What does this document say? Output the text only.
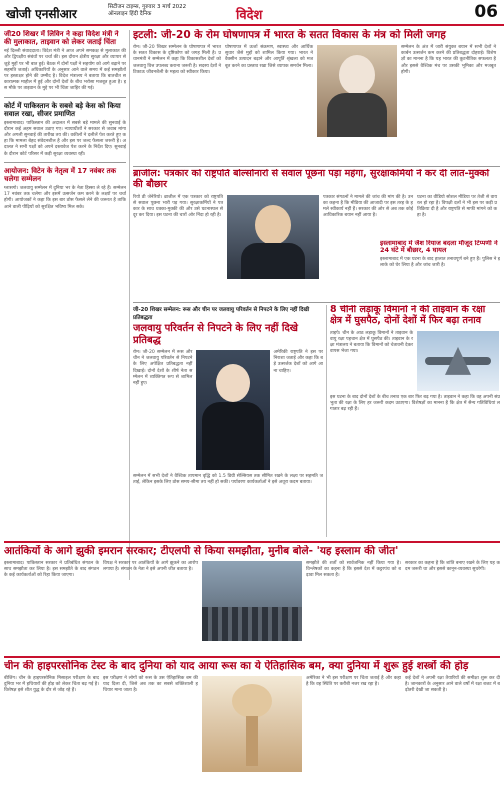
खोजी एनसीआर	सिटीजन टाइम्स, गुरुवार 3 मार्च 2022
ऑनलाइन हिंदी दैनिक	विदेश	06
जी20 शिखर में लिविन ने कहा विदेश मंत्री ने की मुलाकात, ताइवान को लेकर जताई चिंता
नई दिल्ली संवाददाता। विदेश मंत्री ने आज अपने समकक्ष से मुलाकात की और द्विपक्षीय संबंधों पर चर्चा की। इस दौरान क्षेत्रीय सुरक्षा और व्यापार से जुड़े मुद्दों पर भी बात हुई। बैठक में दोनों पक्षों ने सहयोग को आगे बढ़ाने पर सहमति जताई। अधिकारियों के अनुसार आने वाले समय में कई समझौतों पर हस्ताक्षर होने की उम्मीद है। विदेश मंत्रालय ने बताया कि बातचीत सकारात्मक माहौल में हुई और दोनों देशों के बीच भरोसा मजबूत हुआ है। इस मौके पर ताइवान के मुद्दे पर भी चिंता जाहिर की गई।
कोर्ट में पाकिस्तान के सबसे बड़े केस को किया सवाल रखा, सीजर प्रमाणित
इस्लामाबाद। पाकिस्तान की अदालत में सबसे बड़े मामले की सुनवाई के दौरान कई अहम सवाल उठाए गए। न्यायाधीशों ने सरकार से जवाब मांगा और अगली सुनवाई की तारीख तय की। वकीलों ने दलीलें पेश करते हुए कहा कि मामला बेहद संवेदनशील है और इस पर जल्द फैसला जरूरी है। अदालत ने सभी पक्षों को अपने दस्तावेज पेश करने के निर्देश दिए। सुनवाई के दौरान कोर्ट परिसर में कड़ी सुरक्षा व्यवस्था रही।
आयोजन: विटेन के नेतृत्व में 17 नवंबर तक चलेगा सम्मेलन
ग्लासगो। जलवायु सम्मेलन में दुनिया भर के नेता हिस्सा ले रहे हैं। सम्मेलन 17 नवंबर तक चलेगा और इसमें उत्सर्जन कम करने के लक्ष्यों पर चर्चा होगी। आयोजकों ने कहा कि इस बार ठोस फैसले लेने की जरूरत है ताकि आने वाली पीढ़ियों को सुरक्षित भविष्य मिल सके।
इटली: जी-20 के रोम घोषणापत्र में भारत के सतत विकास के मंत्र को मिली जगह
रोम। जी-20 शिखर सम्मेलन के घोषणापत्र में भारत के सतत विकास के दृष्टिकोण को जगह मिली है। प्रधानमंत्री ने सम्मेलन में कहा कि विकासशील देशों को जलवायु वित्त उपलब्ध कराना जरूरी है। सदस्य देशों ने टिकाऊ जीवनशैली के महत्व को स्वीकार किया।
घोषणापत्र में ऊर्जा संक्रमण, स्वास्थ्य और आर्थिक सुधार जैसे मुद्दों को शामिल किया गया। भारत ने वैक्सीन उत्पादन बढ़ाने और आपूर्ति श्रृंखला को मजबूत करने का प्रस्ताव रखा जिसे व्यापक समर्थन मिला।
सम्मेलन के अंत में जारी संयुक्त बयान में सभी देशों ने कार्बन उत्सर्जन कम करने की प्रतिबद्धता दोहराई। विशेषज्ञों का मानना है कि यह भारत की कूटनीतिक सफलता है और इससे वैश्विक मंच पर उसकी भूमिका और मजबूत होगी।
ब्राजील: पत्रकार को राष्ट्रपति बोल्सोनारो से सवाल पूछना पड़ा महंगा, सुरक्षाकर्मियों ने कर दी लात-मुक्कों की बौछार
रियो डी जेनेरियो। ब्राजील में एक पत्रकार को राष्ट्रपति से सवाल पूछना भारी पड़ गया। सुरक्षाकर्मियों ने पत्रकार के साथ धक्का-मुक्की की और उसे घटनास्थल से दूर कर दिया। इस घटना की चारों ओर निंदा हो रही है।
पत्रकार संगठनों ने मामले की जांच की मांग की है। उनका कहना है कि मीडिया की आजादी पर इस तरह के हमले स्वीकार्य नहीं हैं। सरकार की ओर से अब तक कोई आधिकारिक बयान नहीं आया है।
घटना का वीडियो सोशल मीडिया पर तेजी से वायरल हो रहा है। विपक्षी दलों ने भी इस पर कड़ी प्रतिक्रिया दी है और राष्ट्रपति से माफी मांगने को कहा है।
इस्लामाबाद में जैश रियाज बदला मौजूद टिप्पणी ने 24 घंटे में बौछार, 4 घायल
इस्लामाबाद में एक घटना के बाद हालात तनावपूर्ण बने हुए हैं। पुलिस ने इलाके को घेर लिया है और जांच जारी है।
जी-20 शिखर सम्मेलन: रूस और चीन पर जलवायु परिवर्तन से निपटने के लिए नहीं दिखी प्रतिबद्धता
जलवायु परिवर्तन से निपटने के लिए नहीं दिखे प्रतिबद्ध
रोम। जी-20 सम्मेलन में रूस और चीन ने जलवायु परिवर्तन से निपटने के लिए अपेक्षित प्रतिबद्धता नहीं दिखाई। दोनों देशों के शीर्ष नेता सम्मेलन में व्यक्तिगत रूप से शामिल नहीं हुए।
अमेरिकी राष्ट्रपति ने इस पर निराशा जताई और कहा कि बड़े उत्सर्जक देशों को आगे आना चाहिए।
सम्मेलन में सभी देशों ने वैश्विक तापमान वृद्धि को 1.5 डिग्री सेल्सियस तक सीमित रखने के लक्ष्य पर सहमति जताई, लेकिन इसके लिए ठोस समय-सीमा तय नहीं हो सकी। पर्यावरण कार्यकर्ताओं ने इसे अधूरा कदम बताया।
8 चीनी लड़ाकू विमानों ने की ताइवान के रक्षा क्षेत्र में घुसपैठ, दोनों देशों में फिर बढ़ा तनाव
ताइपे। चीन के आठ लड़ाकू विमानों ने ताइवान के वायु रक्षा पहचान क्षेत्र में घुसपैठ की। ताइवान के रक्षा मंत्रालय ने बताया कि विमानों को चेतावनी देकर वापस भेजा गया।
इस घटना के बाद दोनों देशों के बीच तनाव एक बार फिर बढ़ गया है। ताइवान ने कहा कि वह अपनी संप्रभुता की रक्षा के लिए हर जरूरी कदम उठाएगा। विशेषज्ञों का मानना है कि क्षेत्र में सैन्य गतिविधियां लगातार बढ़ रही हैं।
आतंकियों के आगे झुकी इमरान सरकार; टीएलपी से किया समझौता, मुनीब बोले- 'यह इस्लाम की जीत'
इस्लामाबाद। पाकिस्तान सरकार ने प्रतिबंधित संगठन के साथ समझौता कर लिया है। इस समझौते के बाद संगठन के कई कार्यकर्ताओं को रिहा किया जाएगा।
विपक्ष ने सरकार पर आतंकियों के आगे झुकने का आरोप लगाया है। संगठन के नेता ने इसे अपनी जीत बताया है।
समझौते की शर्तों को सार्वजनिक नहीं किया गया है। विश्लेषकों का कहना है कि इससे देश में कट्टरपंथ को बढ़ावा मिल सकता है।
सरकार का कहना है कि शांति बनाए रखने के लिए यह कदम जरूरी था और इससे कानून-व्यवस्था सुधरेगी।
चीन की हाइपरसोनिक टेस्ट के बाद दुनिया को याद आया रूस का ये ऐतिहासिक बम, क्या दुनिया में शुरू हुई शस्त्रों की होड़
बीजिंग। चीन के हाइपरसोनिक मिसाइल परीक्षण के बाद दुनिया भर में हथियारों की होड़ को लेकर चिंता बढ़ गई है। विशेषज्ञ इसे शीत युद्ध के दौर से जोड़ रहे हैं।
इस परीक्षण ने लोगों को रूस के उस ऐतिहासिक बम की याद दिला दी, जिसे अब तक का सबसे शक्तिशाली हथियार माना जाता है।
अमेरिका ने भी इस परीक्षण पर चिंता जताई है और कहा है कि वह स्थिति पर करीबी नजर रख रहा है।
कई देशों ने अपनी रक्षा तैयारियों की समीक्षा शुरू कर दी है। जानकारों के अनुसार आने वाले वर्षों में रक्षा बजट में बढ़ोतरी देखी जा सकती है।
